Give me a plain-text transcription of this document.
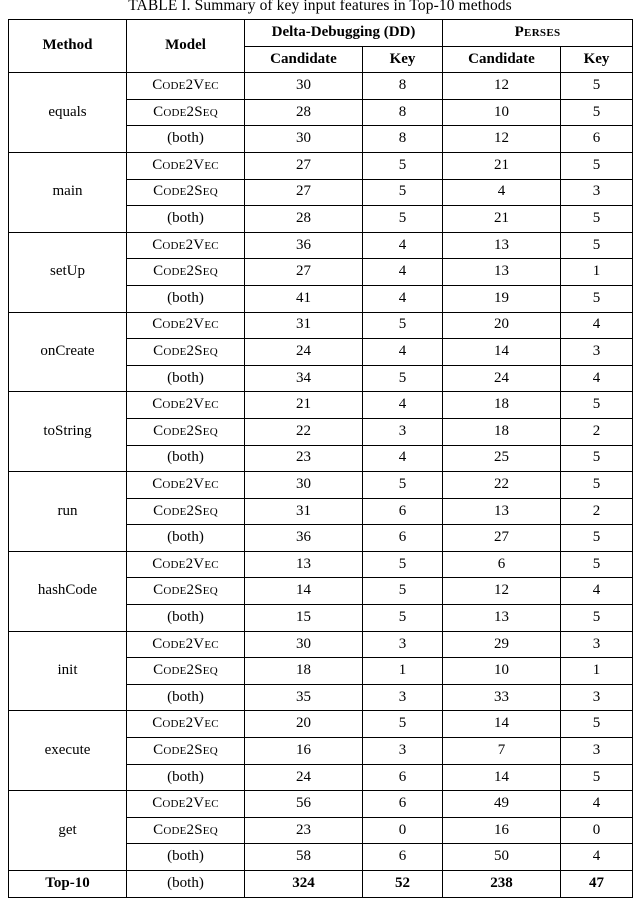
TABLE I. Summary of key input features in Top-10 methods
Method	Model	Delta-Debugging (DD)		Perses	
		Candidate	Key	Candidate	Key
equals	Code2Vec	30	8	12	5
	Code2Seq	28	8	10	5
	(both)	30	8	12	6
main	Code2Vec	27	5	21	5
	Code2Seq	27	5	4	3
	(both)	28	5	21	5
setUp	Code2Vec	36	4	13	5
	Code2Seq	27	4	13	1
	(both)	41	4	19	5
onCreate	Code2Vec	31	5	20	4
	Code2Seq	24	4	14	3
	(both)	34	5	24	4
toString	Code2Vec	21	4	18	5
	Code2Seq	22	3	18	2
	(both)	23	4	25	5
run	Code2Vec	30	5	22	5
	Code2Seq	31	6	13	2
	(both)	36	6	27	5
hashCode	Code2Vec	13	5	6	5
	Code2Seq	14	5	12	4
	(both)	15	5	13	5
init	Code2Vec	30	3	29	3
	Code2Seq	18	1	10	1
	(both)	35	3	33	3
execute	Code2Vec	20	5	14	5
	Code2Seq	16	3	7	3
	(both)	24	6	14	5
get	Code2Vec	56	6	49	4
	Code2Seq	23	0	16	0
	(both)	58	6	50	4
Top-10	(both)	324	52	238	47
